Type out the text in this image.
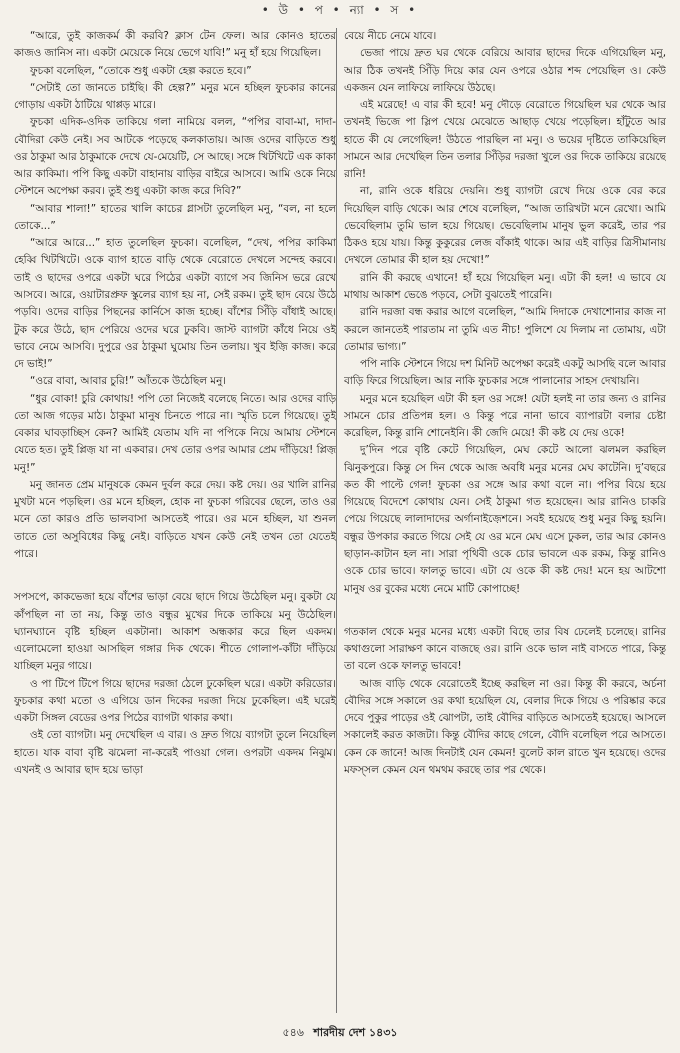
• উ • প • ন্যা • স •

“আরে, তুই কাজকর্ম কী করবি? ক্লাস টেন ফেল। আর কোনও হাতের কাজও জানিস না। একটা মেয়েকে নিয়ে ভেগে যাবি!” মনু হাঁ হয়ে গিয়েছিল।

ফুচকা বলেছিল, “তোকে শুধু একটা হেল্প করতে হবে।”

“সেটাই তো জানতে চাইছি। কী হেল্প?” মনুর মনে হচ্ছিল ফুচকার কানের গোড়ায় একটা ঠাটিয়ে থাপ্পড় মারে।

ফুচকা এদিক-ওদিক তাকিয়ে গলা নামিয়ে বলল, “পপির বাবা-মা, দাদা-বৌদিরা কেউ নেই। সব আটকে পড়েছে কলকাতায়। আজ ওদের বাড়িতে শুধু ওর ঠাকুমা আর ঠাকুমাকে দেখে যে-মেয়েটি, সে আছে। সঙ্গে খিটখিটে এক কাকা আর কাকিমা। পপি কিছু একটা বাহানায় বাড়ির বাইরে আসবে। আমি ওকে নিয়ে স্টেশনে অপেক্ষা করব। তুই শুধু একটা কাজ করে দিবি?”

“আবার শালা!” হাতের খালি কাচের গ্লাসটা তুলেছিল মনু, “বল, না হলে তোকে...”

“আরে আরে...” হাত তুলেছিল ফুচকা। বলেছিল, “দেখ, পপির কাকিমা হেব্বি খিটখিটে। ওকে ব্যাগ হাতে বাড়ি থেকে বেরোতে দেখলে সন্দেহ করবে। তাই ও ছাদের ওপরে একটা ঘরে পিঠের একটা ব্যাগে সব জিনিস ভরে রেখে আসবে। আরে, ওয়াটারপ্রুফ স্কুলের ব্যাগ হয় না, সেই রকম। তুই ছাদ বেয়ে উঠে পড়বি। ওদের বাড়ির পিছনের কার্নিসে কাজ হচ্ছে। বাঁশের সিঁড়ি বাঁধাই আছে। টুক করে উঠে, ছাদ পেরিয়ে ওদের ঘরে ঢুকবি। জাস্ট ব্যাগটা কাঁধে নিয়ে ওই ভাবে নেমে আসবি। দুপুরে ওর ঠাকুমা ঘুমোয় তিন তলায়। খুব ইজ়ি কাজ। করে দে ভাই!”

“ওরে বাবা, আবার চুরি!” আঁতকে উঠেছিল মনু।

“ধুর বোকা! চুরি কোথায়! পপি তো নিজেই বলেছে নিতে। আর ওদের বাড়ি তো আজ গড়ের মাঠ। ঠাকুমা মানুষ চিনতে পারে না। স্মৃতি চলে গিয়েছে। তুই বেকার ঘাবড়াচ্ছিস কেন? আমিই যেতাম যদি না পপিকে নিয়ে আমায় স্টেশনে যেতে হত। তুই প্লিজ় যা না একবার। দেখ তোর ওপর আমার প্রেম দাঁড়িয়ে! প্লিজ় মনু!”

মনু জানত প্রেম মানুষকে কেমন দুর্বল করে দেয়। কষ্ট দেয়। ওর খালি রানির মুখটা মনে পড়ছিল। ওর মনে হচ্ছিল, হোক না ফুচকা গরিবের ছেলে, তাও ওর মনে তো কারও প্রতি ভালবাসা আসতেই পারে। ওর মনে হচ্ছিল, যা শুনল তাতে তো অসুবিধের কিছু নেই। বাড়িতে যখন কেউ নেই তখন তো যেতেই পারে।

সপসপে, কাকভেজা হয়ে বাঁশের ভাড়া বেয়ে ছাদে গিয়ে উঠেছিল মনু। বুকটা যে কাঁপছিল না তা নয়, কিন্তু তাও বন্ধুর মুখের দিকে তাকিয়ে মনু উঠেছিল। ঘ্যানঘ্যানে বৃষ্টি হচ্ছিল একটানা। আকাশ অন্ধকার করে ছিল একদম। এলোমেলো হাওয়া আসছিল গঙ্গার দিক থেকে। শীতে গোলাপ-কাঁটা দাঁড়িয়ে যাচ্ছিল মনুর গায়ে।

ও পা টিপে টিপে গিয়ে ছাদের দরজা ঠেলে ঢুকেছিল ঘরে। একটা করিডোর। ফুচকার কথা মতো ও এগিয়ে ডান দিকের দরজা দিয়ে ঢুকেছিল। এই ঘরেই একটা সিঙ্গল বেডের ওপর পিঠের ব্যাগটা থাকার কথা।

ওই তো ব্যাগটা। মনু দেখেছিল এ বার। ও দ্রুত গিয়ে ব্যাগটা তুলে নিয়েছিল হাতে। যাক বাবা বৃষ্টি ঝমেলা না-করেই পাওয়া গেল। ওপরটা একদম নিঝুম। এখনই ও আবার ছাদ হয়ে ভাড়া

বেয়ে নীচে নেমে যাবে।

ভেজা পায়ে দ্রুত ঘর থেকে বেরিয়ে আবার ছাদের দিকে এগিয়েছিল মনু, আর ঠিক তখনই সিঁড়ি দিয়ে কার যেন ওপরে ওঠার শব্দ পেয়েছিল ও। কেউ একজন যেন লাফিয়ে লাফিয়ে উঠছে।

এই মরেছে! এ বার কী হবে! মনু দৌড়ে বেরোতে গিয়েছিল ঘর থেকে আর তখনই ভিজে পা স্লিপ খেয়ে মেঝেতে আছাড় খেয়ে পড়েছিল। হাঁটুতে আর হাতে কী যে লেগেছিল! উঠতে পারছিল না মনু। ও ভয়ের দৃষ্টিতে তাকিয়েছিল সামনে আর দেখেছিল তিন তলার সিঁড়ির দরজা খুলে ওর দিকে তাকিয়ে রয়েছে রানি!

না, রানি ওকে ধরিয়ে দেয়নি। শুধু ব্যাগটা রেখে দিয়ে ওকে বের করে দিয়েছিল বাড়ি থেকে। আর শেষে বলেছিল, “আজ তারিখটা মনে রেখো। আমি ভেবেছিলাম তুমি ভাল হয়ে গিয়েছ। ভেবেছিলাম মানুষ ভুল করেই, তার পর ঠিকও হয়ে যায়। কিন্তু কুকুরের লেজ বাঁকাই থাকে। আর এই বাড়ির ত্রিসীমানায় দেখলে তোমার কী হাল হয় দেখো!”

রানি কী করছে এখানে! হাঁ হয়ে গিয়েছিল মনু। এটা কী হল! এ ভাবে যে মাথায় আকাশ ভেঙে পড়বে, সেটা বুঝতেই পারেনি।

রানি দরজা বন্ধ করার আগে বলেছিল, “আমি দিদাকে দেখাশোনার কাজ না করলে জানতেই পারতাম না তুমি এত নীচ! পুলিশে যে দিলাম না তোমায়, এটা তোমার ভাগ্য।”

পপি নাকি স্টেশনে গিয়ে দশ মিনিট অপেক্ষা করেই একটু আসছি বলে আবার বাড়ি ফিরে গিয়েছিল। আর নাকি ফুচকার সঙ্গে পালানোর সাহস দেখায়নি।

মনুর মনে হয়েছিল এটা কী হল ওর সঙ্গে! যেটা হলই না তার জন্য ও রানির সামনে চোর প্রতিপন্ন হল। ও কিন্তু পরে নানা ভাবে ব্যাপারটা বলার চেষ্টা করেছিল, কিন্তু রানি শোনেইনি। কী জেদি মেয়ে! কী কষ্ট যে দেয় ওকে!

দু’দিন পরে বৃষ্টি কেটে গিয়েছিল, মেঘ কেটে আলো ঝলমল করছিল ঝিনুকপুরে। কিন্তু সে দিন থেকে আজ অবধি মনুর মনের মেঘ কাটেনি। দু’বছরে কত কী পাল্টে গেল! ফুচকা ওর সঙ্গে আর কথা বলে না। পপির বিয়ে হয়ে গিয়েছে বিদেশে কোথায় যেন। সেই ঠাকুমা গত হয়েছেন। আর রানিও চাকরি পেয়ে গিয়েছে লালাদাদের অর্গানাইজ়েশনে। সবই হয়েছে শুধু মনুর কিছু হয়নি। বন্ধুর উপকার করতে গিয়ে সেই যে ওর মনে মেঘ এসে ঢুকল, তার আর কোনও ছাড়ান-কাটান হল না। সারা পৃথিবী ওকে চোর ভাবলে এক রকম, কিন্তু রানিও ওকে চোর ভাবে। ফালতু ভাবে। এটা যে ওকে কী কষ্ট দেয়! মনে হয় আটশো মানুষ ওর বুকের মধ্যে নেমে মাটি কোপাচ্ছে!

গতকাল থেকে মনুর মনের মধ্যে একটা বিছে তার বিষ ঢেলেই চলেছে। রানির কথাগুলো সারাক্ষণ কানে বাজছে ওর। রানি ওকে ভাল নাই বাসতে পারে, কিন্তু তা বলে ওকে ফালতু ভাববে!

আজ বাড়ি থেকে বেরোতেই ইচ্ছে করছিল না ওর। কিন্তু কী করবে, অর্চনা বৌদির সঙ্গে সকালে ওর কথা হয়েছিল যে, বেলার দিকে গিয়ে ও পরিষ্কার করে দেবে পুকুর পাড়ের ওই ঝোপটা, তাই বৌদির বাড়িতে আসতেই হয়েছে। আসলে সকালেই করত কাজটা। কিন্তু বৌদির কাছে গেলে, বৌদি বলেছিল পরে আসতে। কেন কে জানে! আজ দিনটাই যেন কেমন! বুলেট কাল রাতে খুন হয়েছে। ওদের মফস্সল কেমন যেন থমথম করছে তার পর থেকে।

৫৪৬ শারদীয় দেশ ১৪৩১
